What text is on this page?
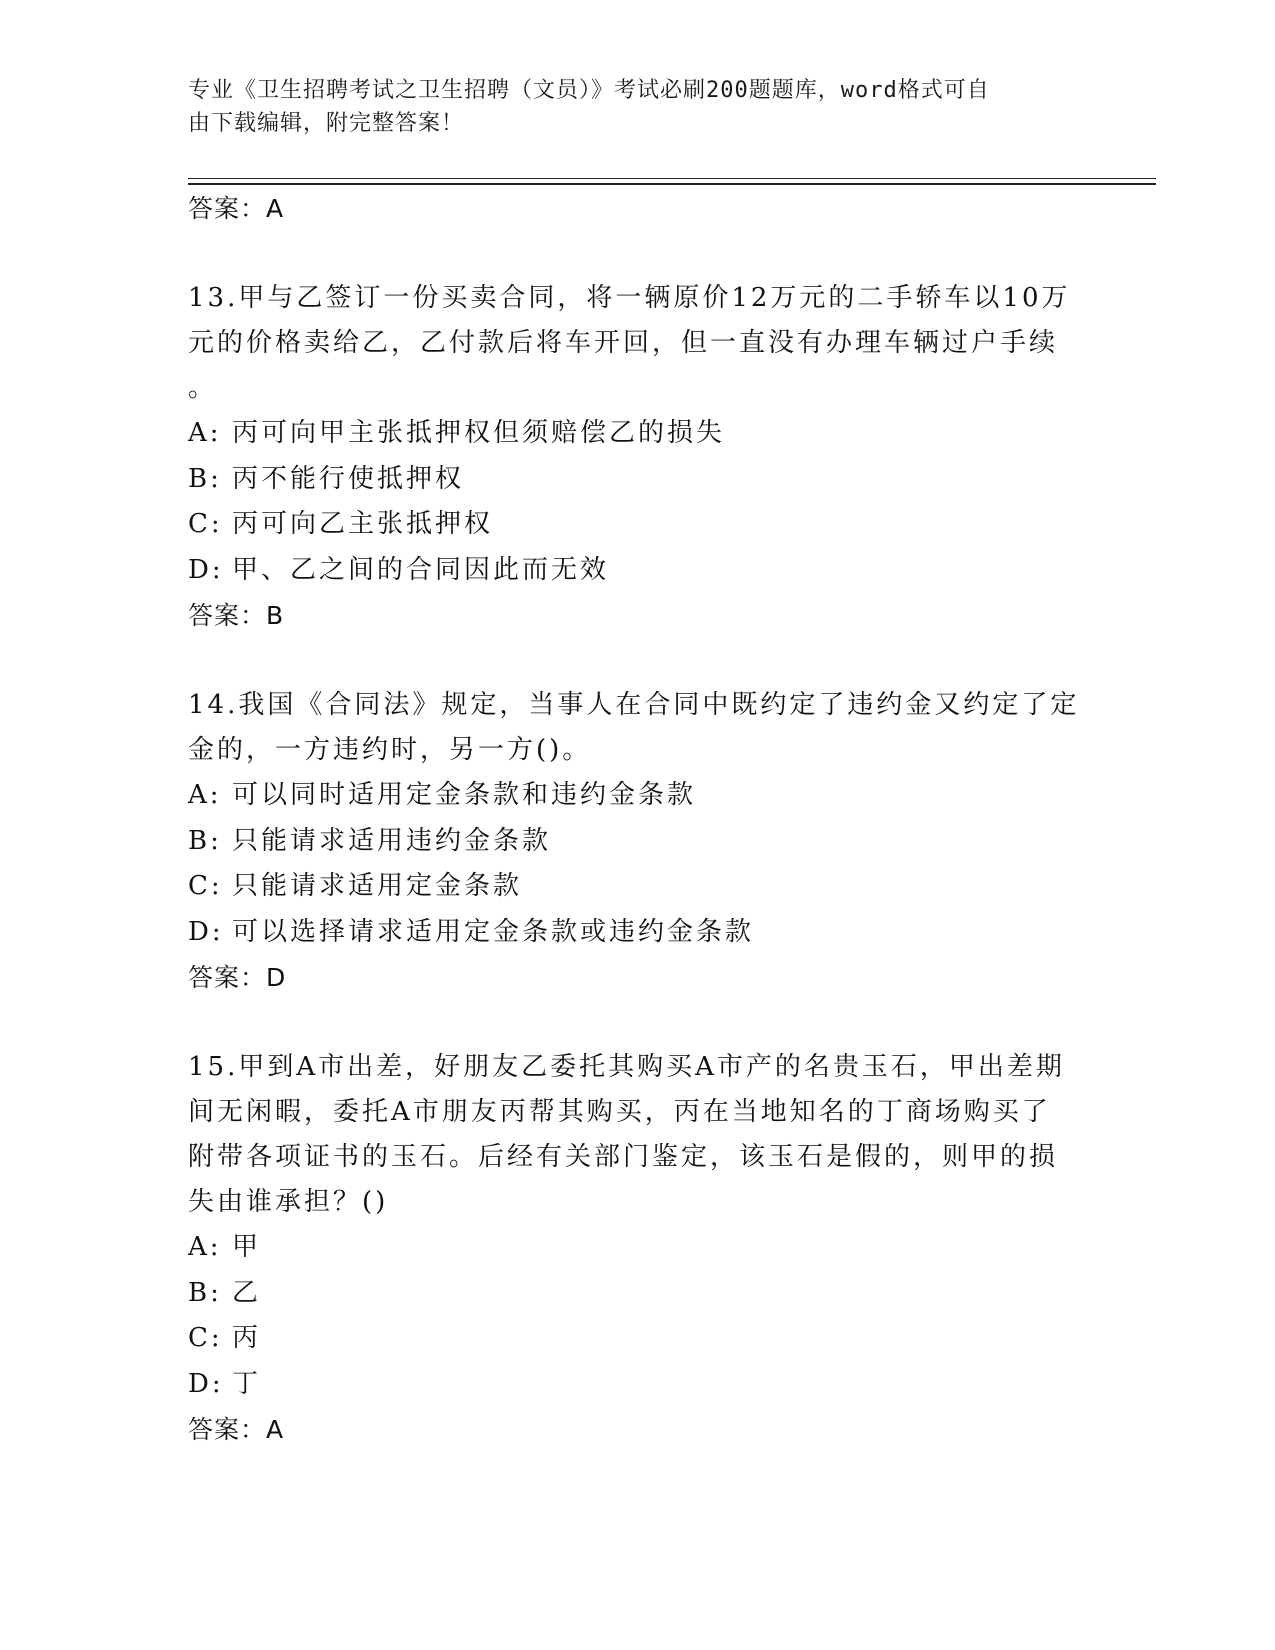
专业《卫生招聘考试之卫生招聘（文员）》考试必刷200题题库，word格式可自
由下载编辑，附完整答案！
答案：A
13.甲与乙签订一份买卖合同，将一辆原价12万元的二手轿车以10万
元的价格卖给乙，乙付款后将车开回，但一直没有办理车辆过户手续
。
A: 丙可向甲主张抵押权但须赔偿乙的损失
B: 丙不能行使抵押权
C: 丙可向乙主张抵押权
D: 甲、乙之间的合同因此而无效
答案：B
14.我国《合同法》规定，当事人在合同中既约定了违约金又约定了定
金的，一方违约时，另一方()。
A: 可以同时适用定金条款和违约金条款
B: 只能请求适用违约金条款
C: 只能请求适用定金条款
D: 可以选择请求适用定金条款或违约金条款
答案：D
15.甲到A市出差，好朋友乙委托其购买A市产的名贵玉石，甲出差期
间无闲暇，委托A市朋友丙帮其购买，丙在当地知名的丁商场购买了
附带各项证书的玉石。后经有关部门鉴定，该玉石是假的，则甲的损
失由谁承担？()
A: 甲
B: 乙
C: 丙
D: 丁
答案：A
